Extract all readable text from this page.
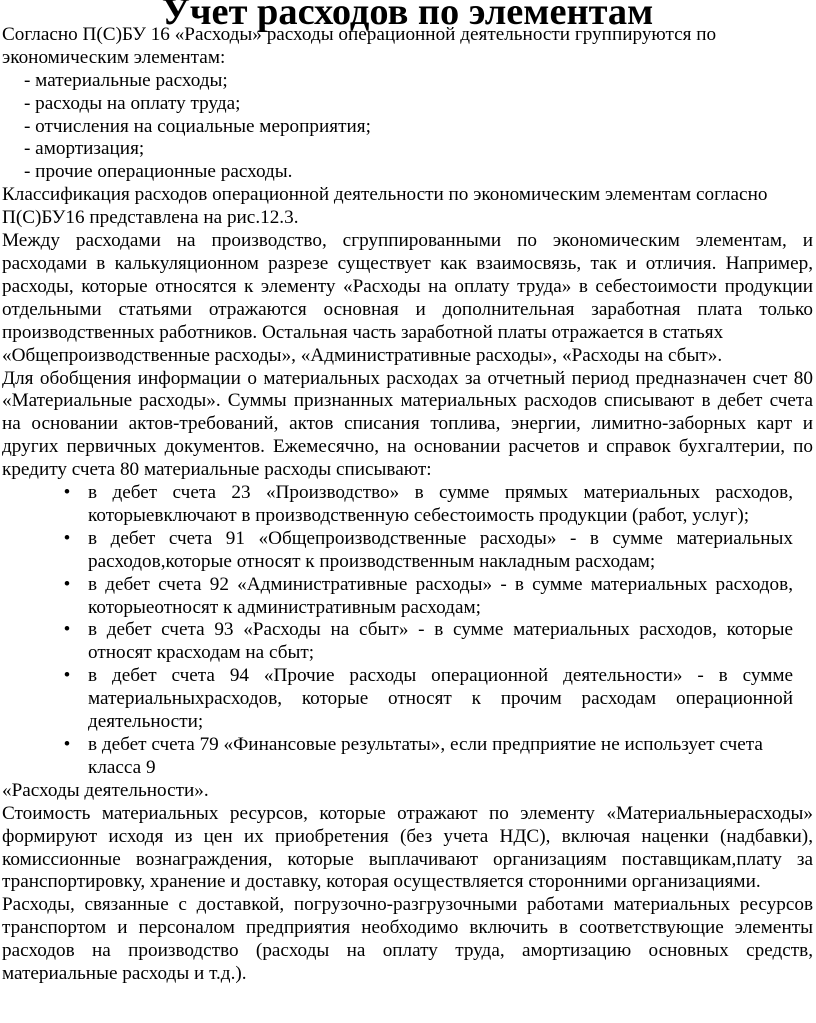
Учет расходов по элементам

Согласно П(С)БУ 16 «Расходы» расходы операционной деятельности группируются по экономическим элементам:

- материальные расходы;
- расходы на оплату труда;
- отчисления на социальные мероприятия;
- амортизация;
- прочие операционные расходы.

Классификация расходов операционной деятельности по экономическим элементам согласно П(С)БУ16 представлена на рис.12.3.

Между расходами на производство, сгруппированными по экономическим элементам, и расходами в калькуляционном разрезе существует как взаимосвязь, так и отличия. Например, расходы, которые относятся к элементу «Расходы на оплату труда» в себестоимости продукции отдельными статьями отражаются основная и дополнительная заработная плата только производственных работников. Остальная часть заработной платы отражается в статьях

«Общепроизводственные расходы», «Административные расходы», «Расходы на сбыт».

Для обобщения информации о материальных расходах за отчетный период предназначен счет 80 «Материальные расходы». Суммы признанных материальных расходов списывают в дебет счета на основании актов-требований, актов списания топлива, энергии, лимитно-заборных карт и других первичных документов. Ежемесячно, на основании расчетов и справок бухгалтерии, по кредиту счета 80 материальные расходы списывают:

• в дебет счета 23 «Производство» в сумме прямых материальных расходов, которыевключают в производственную себестоимость продукции (работ, услуг);
• в дебет счета 91 «Общепроизводственные расходы» - в сумме материальных расходов,которые относят к производственным накладным расходам;
• в дебет счета 92 «Административные расходы» - в сумме материальных расходов, которыеотносят к административным расходам;
• в дебет счета 93 «Расходы на сбыт» - в сумме материальных расходов, которые относят красходам на сбыт;
• в дебет счета 94 «Прочие расходы операционной деятельности» - в сумме материальныхрасходов, которые относят к прочим расходам операционной деятельности;
• в дебет счета 79 «Финансовые результаты», если предприятие не использует счета класса 9

«Расходы деятельности».

Стоимость материальных ресурсов, которые отражают по элементу «Материальныерасходы» формируют исходя из цен их приобретения (без учета НДС), включая наценки (надбавки), комиссионные вознаграждения, которые выплачивают организациям поставщикам,плату за транспортировку, хранение и доставку, которая осуществляется сторонними организациями.

Расходы, связанные с доставкой, погрузочно-разгрузочными работами материальных ресурсов транспортом и персоналом предприятия необходимо включить в соответствующие элементы расходов на производство (расходы на оплату труда, амортизацию основных средств, материальные расходы и т.д.).
